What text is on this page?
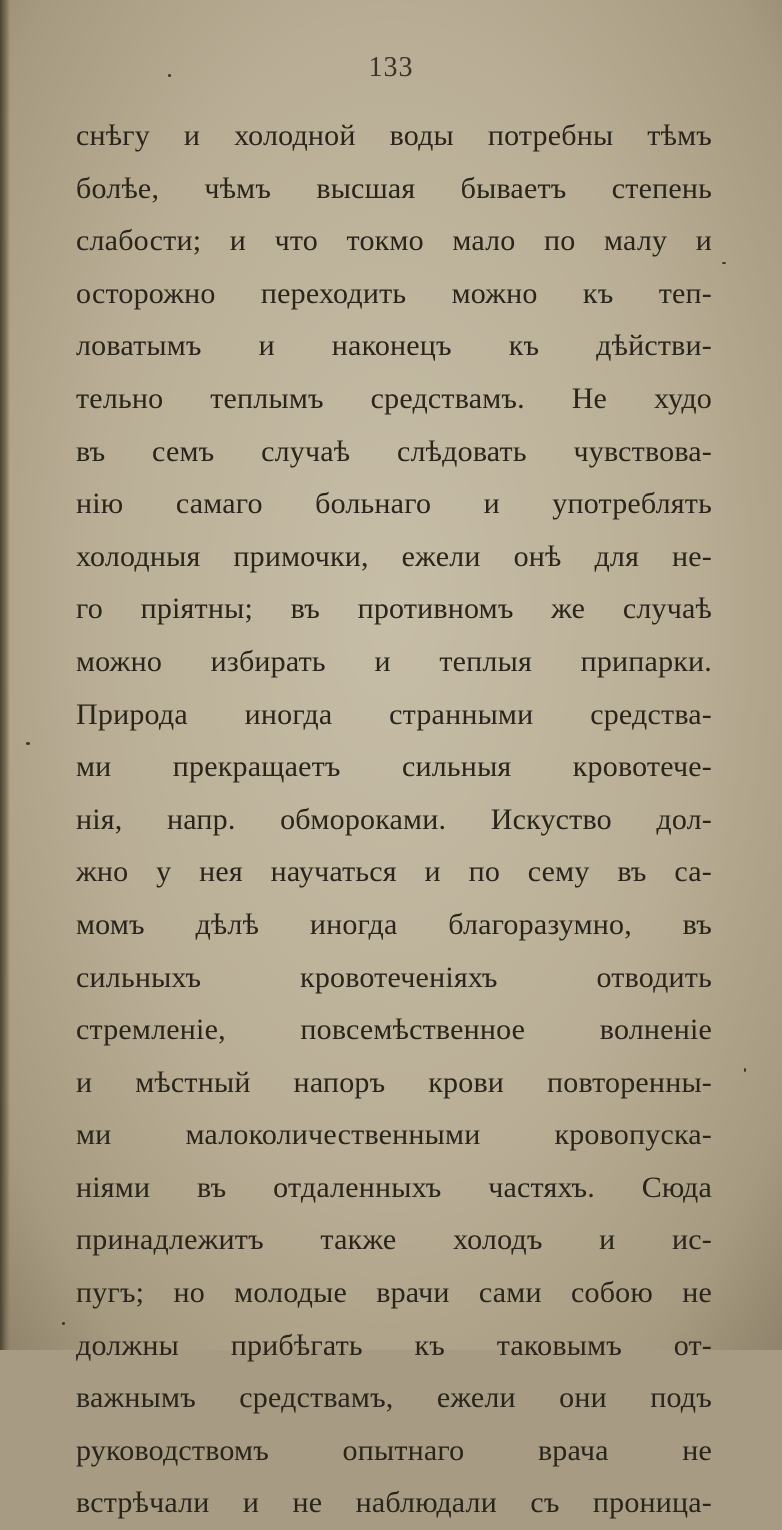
133
снѣгу и холодной воды потребны тѣмъ
болѣе, чѣмъ высшая бываетъ степень
слабости; и что токмо мало по малу и
осторожно переходить можно къ теп-
ловатымъ и наконецъ къ дѣйстви-
тельно теплымъ средствамъ. Не худо
въ семъ случаѣ слѣдовать чувствова-
нію самаго больнаго и употреблять
холодныя примочки, ежели онѣ для не-
го пріятны; въ противномъ же случаѣ
можно избирать и теплыя припарки.
Природа иногда странными средства-
ми прекращаетъ сильныя кровотече-
нія, напр. обмороками. Искуство дол-
жно у нея научаться и по сему въ са-
момъ дѣлѣ иногда благоразумно, въ
сильныхъ кровотеченіяхъ отводить
стремленіе, повсемѣственное волненіе
и мѣстный напоръ крови повторенны-
ми малоколичественными кровопуска-
ніями въ отдаленныхъ частяхъ. Сюда
принадлежитъ также холодъ и ис-
пугъ; но молодые врачи сами собою не
должны прибѣгать къ таковымъ от-
важнымъ средствамъ, ежели они подъ
руководствомъ опытнаго врача не
встрѣчали и не наблюдали съ проница-
